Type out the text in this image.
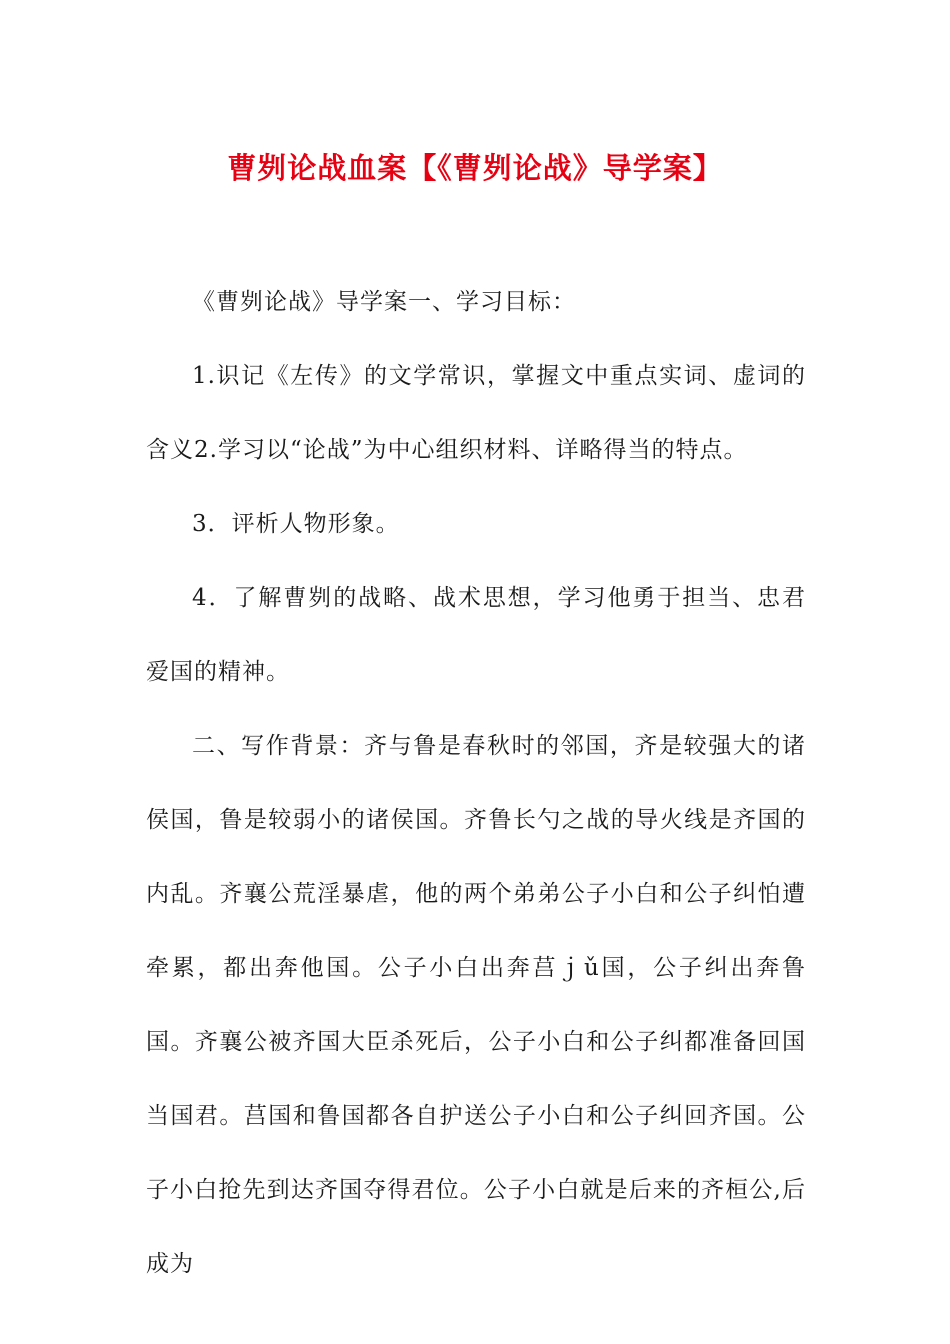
曹刿论战血案【《曹刿论战》导学案】

《曹刿论战》导学案一、学习目标：

1.识记《左传》的文学常识，掌握文中重点实词、虚词的含义2.学习以“论战”为中心组织材料、详略得当的特点。

3．评析人物形象。

4．了解曹刿的战略、战术思想，学习他勇于担当、忠君爱国的精神。

二、写作背景：齐与鲁是春秋时的邻国，齐是较强大的诸侯国，鲁是较弱小的诸侯国。齐鲁长勺之战的导火线是齐国的内乱。齐襄公荒淫暴虐，他的两个弟弟公子小白和公子纠怕遭牵累，都出奔他国。公子小白出奔莒ｊǔ国，公子纠出奔鲁国。齐襄公被齐国大臣杀死后，公子小白和公子纠都准备回国当国君。莒国和鲁国都各自护送公子小白和公子纠回齐国。公子小白抢先到达齐国夺得君位。公子小白就是后来的齐桓公,后成为
